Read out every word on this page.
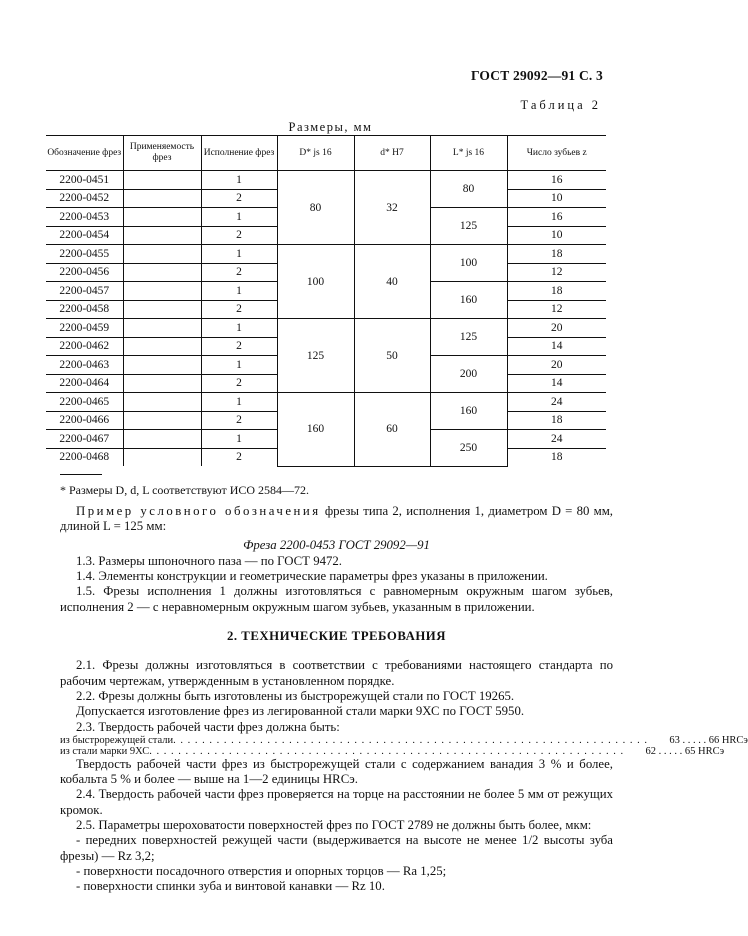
ГОСТ 29092—91 С. 3
Таблица 2
Размеры, мм
Обозначение фрез	Применяемость фрез	Исполнение фрез	D* js 16	d* H7	L* js 16	Число зубьев z
2200-0451		1	80	32	80	16
2200-0452		2				10
2200-0453		1			125	16
2200-0454		2				10
2200-0455		1	100	40	100	18
2200-0456		2				12
2200-0457		1			160	18
2200-0458		2				12
2200-0459		1	125	50	125	20
2200-0462		2				14
2200-0463		1			200	20
2200-0464		2				14
2200-0465		1	160	60	160	24
2200-0466		2				18
2200-0467		1			250	24
2200-0468		2				18
* Размеры D, d, L соответствуют ИСО 2584—72.

Пример условного обозначения фрезы типа 2, исполнения 1, диаметром D = 80 мм, длиной L = 125 мм:

Фреза 2200-0453 ГОСТ 29092—91

1.3. Размеры шпоночного паза — по ГОСТ 9472.

1.4. Элементы конструкции и геометрические параметры фрез указаны в приложении.

1.5. Фрезы исполнения 1 должны изготовляться с равномерным окружным шагом зубьев, исполнения 2 — с неравномерным окружным шагом зубьев, указанным в приложении.

2. ТЕХНИЧЕСКИЕ ТРЕБОВАНИЯ

2.1. Фрезы должны изготовляться в соответствии с требованиями настоящего стандарта по рабочим чертежам, утвержденным в установленном порядке.

2.2. Фрезы должны быть изготовлены из быстрорежущей стали по ГОСТ 19265.

Допускается изготовление фрез из легированной стали марки 9ХС по ГОСТ 5950.

2.3. Твердость рабочей части фрез должна быть:

из быстрорежущей стали . . . . . . . . . . . . . . . . . . . . . . . . . . . . . . . . . . . . . . . . . . . . . . . . . . . . . . . . . . . . . . . . . .	63 . . . . . 66 HRCэ
из стали марки 9ХС . . . . . . . . . . . . . . . . . . . . . . . . . . . . . . . . . . . . . . . . . . . . . . . . . . . . . . . . . . . . . . . . . .	62 . . . . . 65 HRCэ

Твердость рабочей части фрез из быстрорежущей стали с содержанием ванадия 3 % и более, кобальта 5 % и более — выше на 1—2 единицы HRCэ.

2.4. Твердость рабочей части фрез проверяется на торце на расстоянии не более 5 мм от режущих кромок.

2.5. Параметры шероховатости поверхностей фрез по ГОСТ 2789 не должны быть более, мкм:

- передних поверхностей режущей части (выдерживается на высоте не менее 1/2 высоты зуба фрезы) — Rz 3,2;

- поверхности посадочного отверстия и опорных торцов — Ra 1,25;

- поверхности спинки зуба и винтовой канавки — Rz 10.
